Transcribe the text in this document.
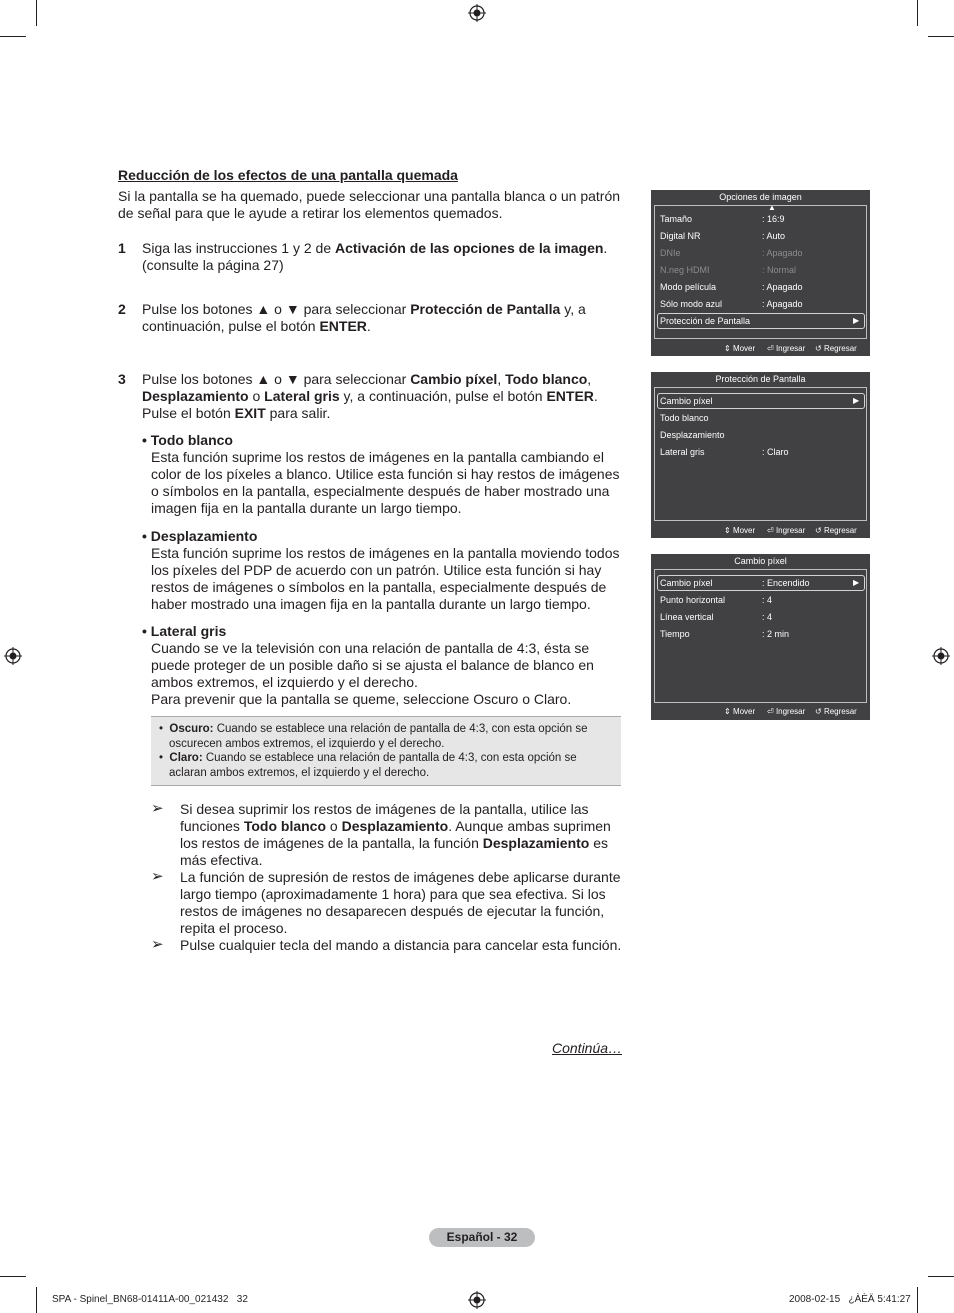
Reducción de los efectos de una pantalla quemada
Si la pantalla se ha quemado, puede seleccionar una pantalla blanca o un patrón de señal para que le ayude a retirar los elementos quemados.
1 Siga las instrucciones 1 y 2 de Activación de las opciones de la imagen. (consulte la página 27)
2 Pulse los botones ▲ o ▼ para seleccionar Protección de Pantalla y, a continuación, pulse el botón ENTER.
3 Pulse los botones ▲ o ▼ para seleccionar Cambio píxel, Todo blanco, Desplazamiento o Lateral gris y, a continuación, pulse el botón ENTER. Pulse el botón EXIT para salir.
• Todo blanco
Esta función suprime los restos de imágenes en la pantalla cambiando el color de los píxeles a blanco. Utilice esta función si hay restos de imágenes o símbolos en la pantalla, especialmente después de haber mostrado una imagen fija en la pantalla durante un largo tiempo.
• Desplazamiento
Esta función suprime los restos de imágenes en la pantalla moviendo todos los píxeles del PDP de acuerdo con un patrón. Utilice esta función si hay restos de imágenes o símbolos en la pantalla, especialmente después de haber mostrado una imagen fija en la pantalla durante un largo tiempo.
• Lateral gris
Cuando se ve la televisión con una relación de pantalla de 4:3, ésta se puede proteger de un posible daño si se ajusta el balance de blanco en ambos extremos, el izquierdo y el derecho.
Para prevenir que la pantalla se queme, seleccione Oscuro o Claro.
•  Oscuro: Cuando se establece una relación de pantalla de 4:3, con esta opción se
oscurecen ambos extremos, el izquierdo y el derecho.
•  Claro: Cuando se establece una relación de pantalla de 4:3, con esta opción se
aclaran ambos extremos, el izquierdo y el derecho.
➢ Si desea suprimir los restos de imágenes de la pantalla, utilice las funciones Todo blanco o Desplazamiento. Aunque ambas suprimen los restos de imágenes de la pantalla, la función Desplazamiento es más efectiva.
➢ La función de supresión de restos de imágenes debe aplicarse durante largo tiempo (aproximadamente 1 hora) para que sea efectiva. Si los restos de imágenes no desaparecen después de ejecutar la función, repita el proceso.
➢ Pulse cualquier tecla del mando a distancia para cancelar esta función.
Continúa…
Opciones de imagen
▲
Tamaño	: 16:9
Digital NR	: Auto
DNIe	: Apagado
N.neg HDMI	: Normal
Modo película	: Apagado
Sólo modo azul	: Apagado
Protección de Pantalla	▶
⇕ Mover ⏎ Ingresar ↺ Regresar
Protección de Pantalla
Cambio píxel	▶
Todo blanco
Desplazamiento
Lateral gris	: Claro
⇕ Mover ⏎ Ingresar ↺ Regresar
Cambio píxel
Cambio píxel	: Encendido	▶
Punto horizontal	: 4
Línea vertical	: 4
Tiempo	: 2 min
⇕ Mover ⏎ Ingresar ↺ Regresar
Español - 32
SPA - Spinel_BN68-01411A-00_021432   32	2008-02-15   ¿ÀÈÄ 5:41:27
